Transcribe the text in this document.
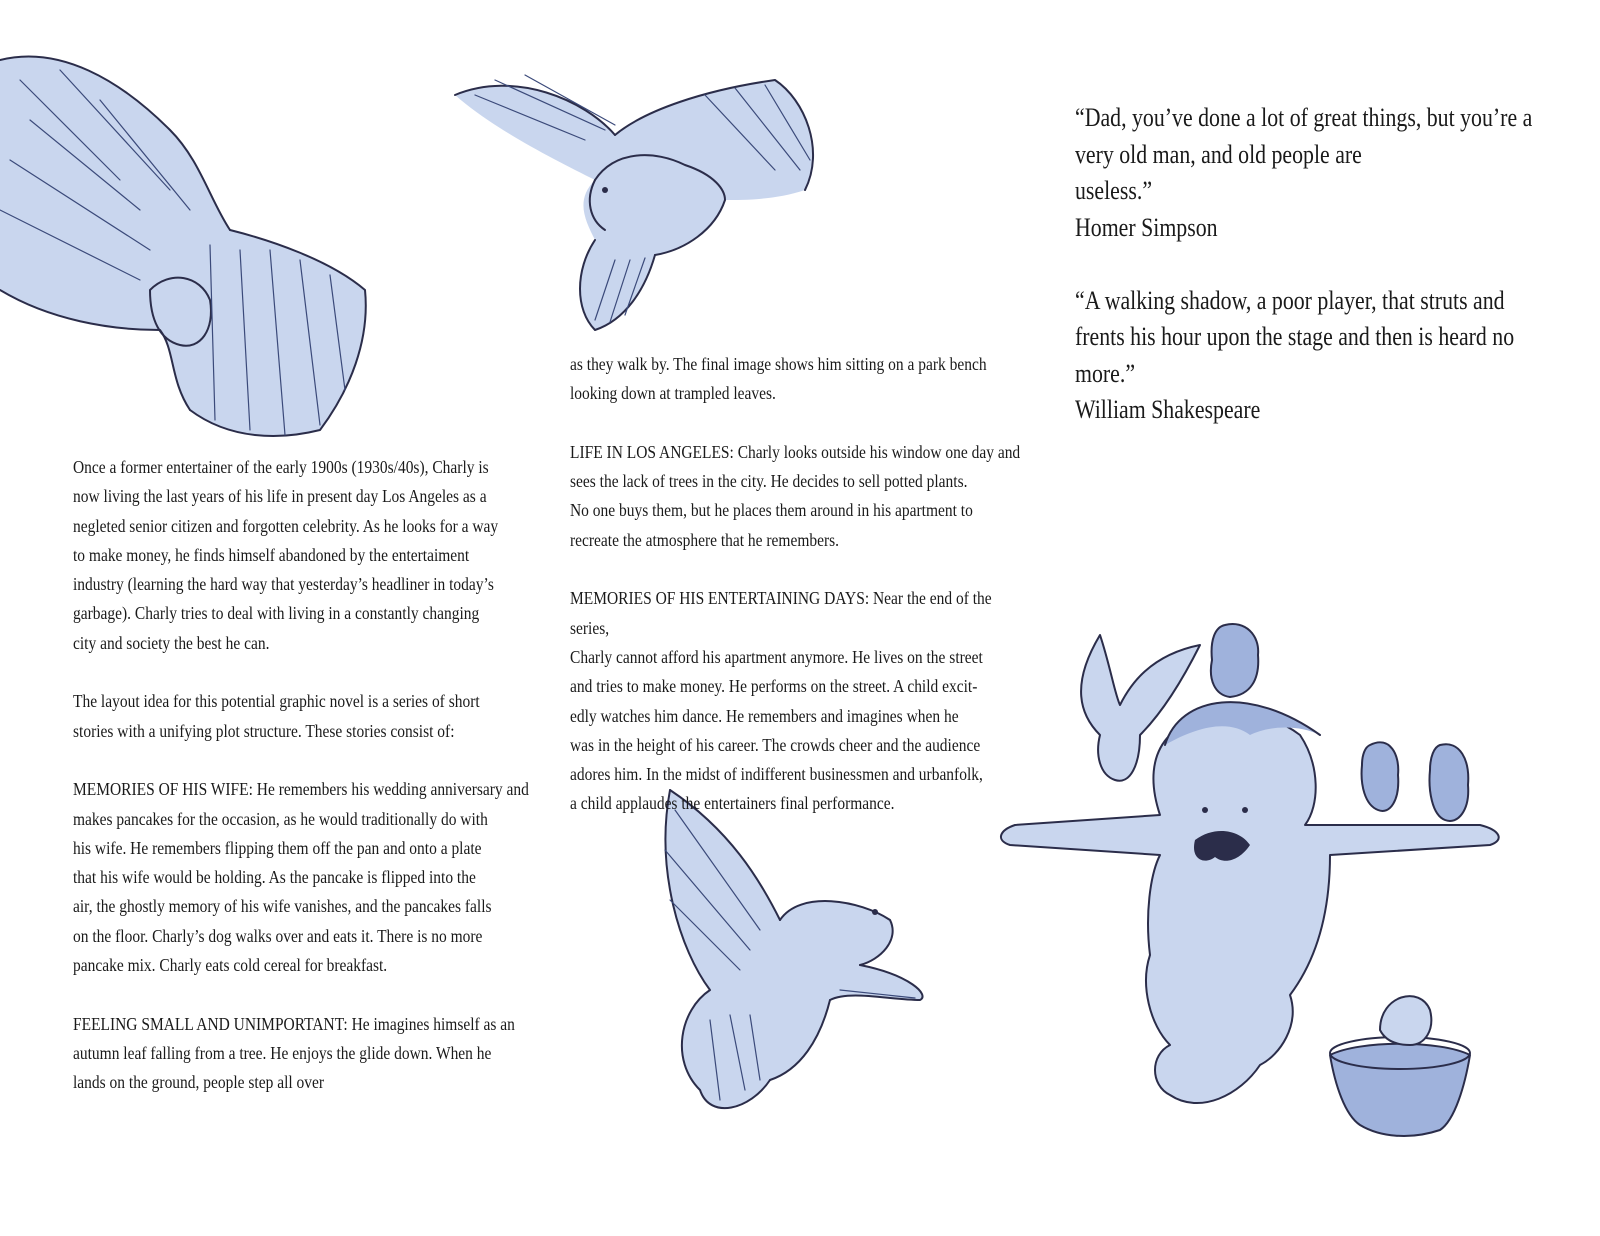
Once a former entertainer of the early 1900s (1930s/40s), Charly is
now living the last years of his life in present day Los Angeles as a
negleted senior citizen and forgotten celebrity. As he looks for a way
to make money, he finds himself abandoned by the entertaiment
industry (learning the hard way that yesterday’s headliner in today’s
garbage). Charly tries to deal with living in a constantly changing
city and society the best he can.

The layout idea for this potential graphic novel is a series of short
stories with a unifying plot structure. These stories consist of:

MEMORIES OF HIS WIFE: He remembers his wedding anniversary and
makes pancakes for the occasion, as he would traditionally do with
his wife. He remembers flipping them off the pan and onto a plate
that his wife would be holding. As the pancake is flipped into the
air, the ghostly memory of his wife vanishes, and the pancakes falls
on the floor. Charly’s dog walks over and eats it. There is no more
pancake mix. Charly eats cold cereal for breakfast.

FEELING SMALL AND UNIMPORTANT: He imagines himself as an
autumn leaf falling from a tree. He enjoys the glide down. When he
lands on the ground, people step all over

as they walk by. The final image shows him sitting on a park bench
looking down at trampled leaves.

LIFE IN LOS ANGELES: Charly looks outside his window one day and
sees the lack of trees in the city. He decides to sell potted plants.
No one buys them, but he places them around in his apartment to
recreate the atmosphere that he remembers.

MEMORIES OF HIS ENTERTAINING DAYS: Near the end of the series,
Charly cannot afford his apartment anymore. He lives on the street
and tries to make money. He performs on the street. A child excit-
edly watches him dance. He remembers and imagines when he
was in the height of his career. The crowds cheer and the audience
adores him. In the midst of indifferent businessmen and urbanfolk,
a child applaudes the entertainers final performance.

“Dad, you’ve done a lot of great things, but you’re a
very old man, and old people are
useless.”

Homer Simpson

“A walking shadow, a poor player, that struts and
frents his hour upon the stage and then is heard no
more.”

William Shakespeare
